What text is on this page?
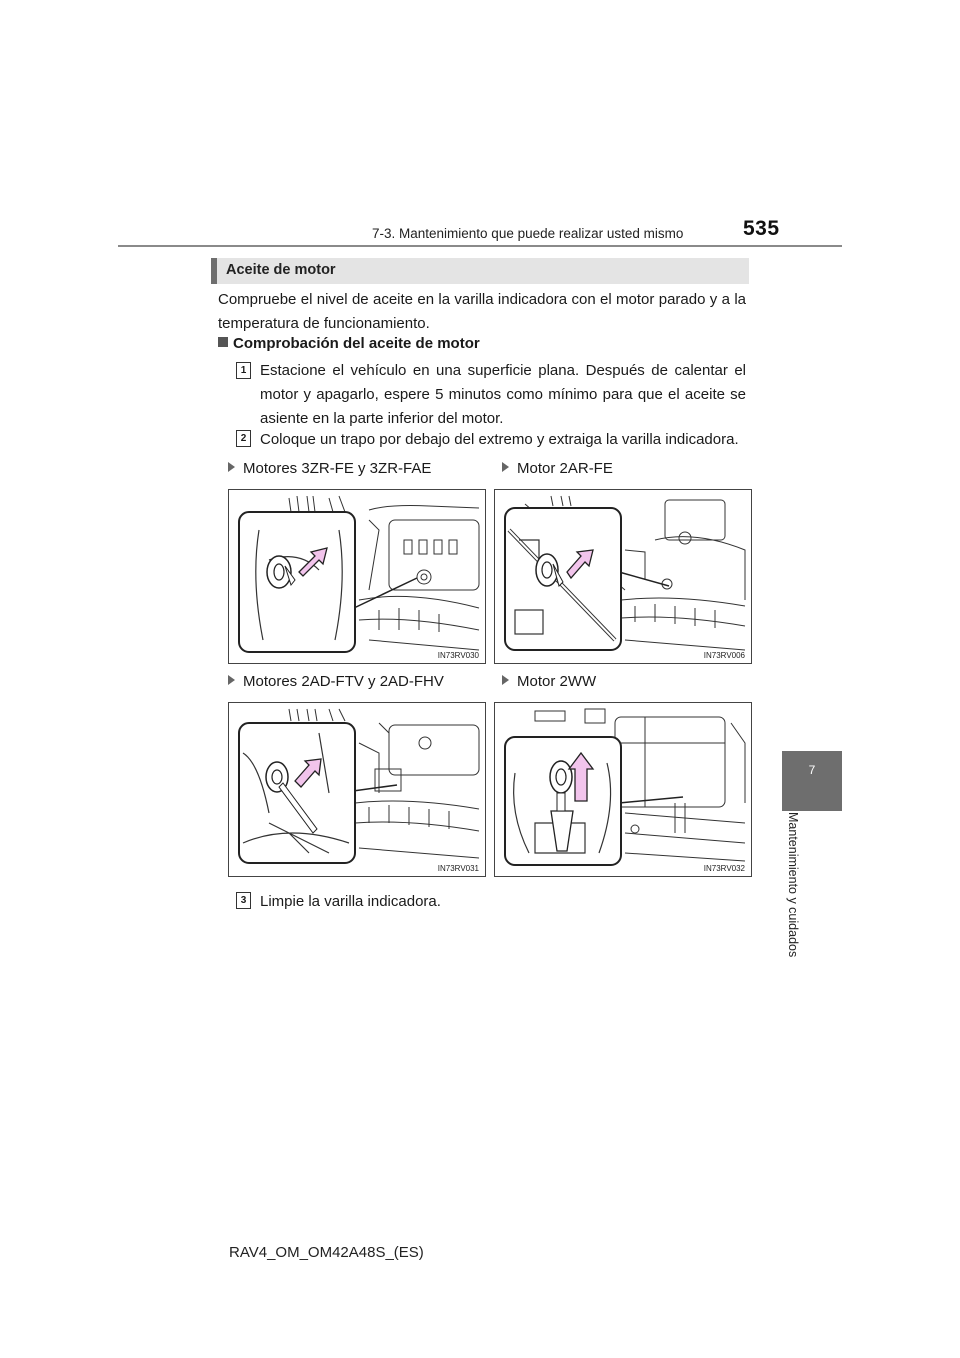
7-3. Mantenimiento que puede realizar usted mismo	535
7
Mantenimiento y cuidados
Aceite de motor
Compruebe el nivel de aceite en la varilla indicadora con el motor parado y a la temperatura de funcionamiento.
Comprobación del aceite de motor
1 Estacione el vehículo en una superficie plana. Después de calentar el motor y apagarlo, espere 5 minutos como mínimo para que el aceite se asiente en la parte inferior del motor.
2 Coloque un trapo por debajo del extremo y extraiga la varilla indicadora.
Motores 3ZR-FE y 3ZR-FAE	Motor 2AR-FE
IN73RV030	IN73RV006
Motores 2AD-FTV y 2AD-FHV	Motor 2WW
IN73RV031	IN73RV032
3 Limpie la varilla indicadora.
RAV4_OM_OM42A48S_(ES)
